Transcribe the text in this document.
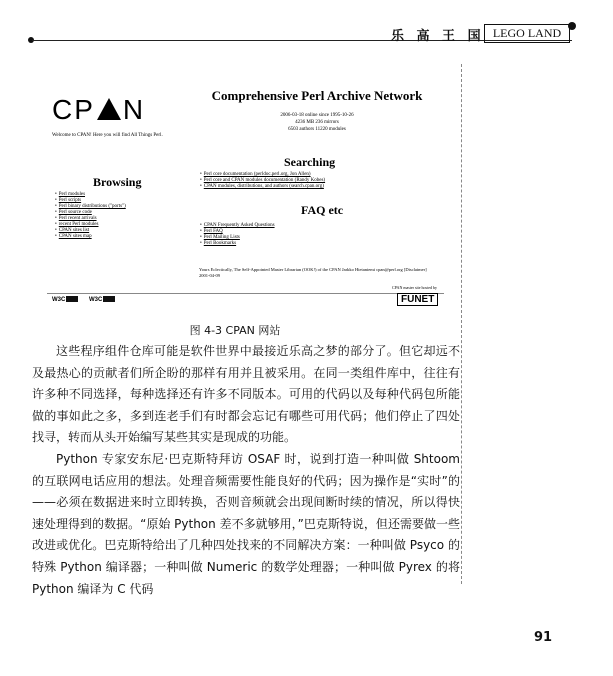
乐 高 王 国 LEGO LAND
CP N
Welcome to CPAN! Here you will find All Things Perl.
Comprehensive Perl Archive Network
2006-03-18 online since 1995-10-26
4236 MB 236 mirrors
6503 authors 11220 modules
Browsing
• Perl modules
• Perl scripts
• Perl binary distributions ("ports")
• Perl source code
• Perl recent arrivals
• recent Perl modules
• CPAN sites list
• CPAN sites map
Searching
• Perl core documentation (perldoc.perl.org, Jon Allen)
• Perl core and CPAN modules documentation (Randy Kobes)
• CPAN modules, distributions, and authors (search.cpan.org)
FAQ etc
• CPAN Frequently Asked Questions
• Perl FAQ
• Perl Mailing Lists
• Perl Bookmarks
Yours Eclectically, The Self-Appointed Master Librarian (OOK!) of the CPAN Jarkko Hietaniemi cpan@perl.org [Disclaimer] 2001-04-09
W3C	W3C
CPAN master site hosted by
FUNET
图 4-3 CPAN 网站

这些程序组件仓库可能是软件世界中最接近乐高之梦的部分了。但它却远不及最热心的贡献者们所企盼的那样有用并且被采用。在同一类组件库中，往往有许多种不同选择，每种选择还有许多不同版本。可用的代码以及每种代码包所能做的事如此之多，多到连老手们有时都会忘记有哪些可用代码；他们停止了四处找寻，转而从头开始编写某些其实是现成的功能。

Python 专家安东尼·巴克斯特拜访 OSAF 时，说到打造一种叫做 Shtoom 的互联网电话应用的想法。处理音频需要性能良好的代码；因为操作是“实时”的——必须在数据进来时立即转换，否则音频就会出现间断时续的情况，所以得快速处理得到的数据。“原始 Python 差不多就够用，”巴克斯特说，但还需要做一些改进或优化。巴克斯特给出了几种四处找来的不同解决方案：一种叫做 Psyco 的特殊 Python 编译器；一种叫做 Numeric 的数学处理器；一种叫做 Pyrex 的将 Python 编译为 C 代码

91
